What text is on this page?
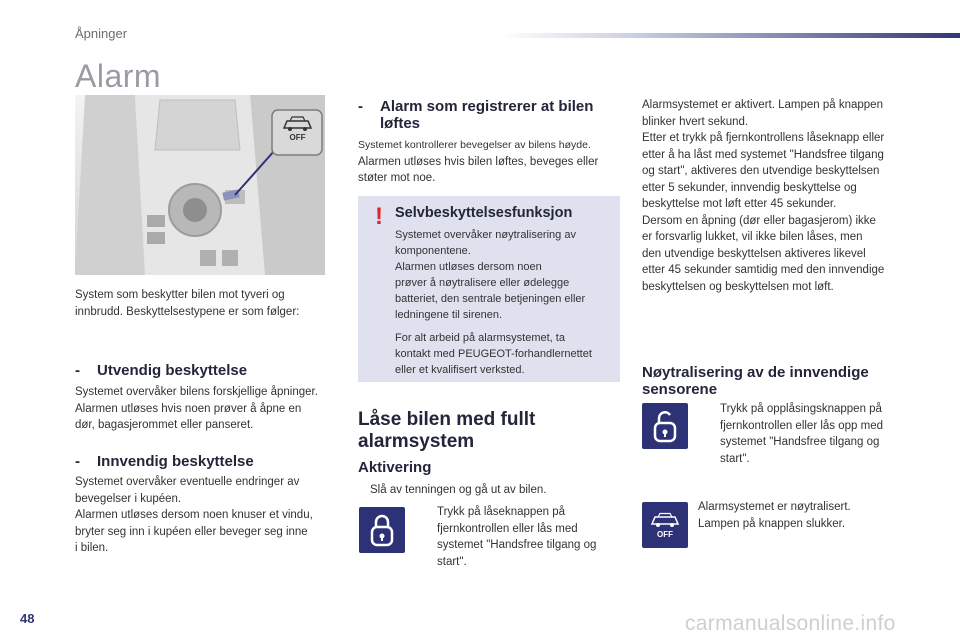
Åpninger
Alarm
OFF
System som beskytter bilen mot tyveri og
innbrudd. Beskyttelsestypene er som følger:
- Utvendig beskyttelse
Systemet overvåker bilens forskjellige åpninger.
Alarmen utløses hvis noen prøver å åpne en
dør, bagasjerommet eller panseret.
- Innvendig beskyttelse
Systemet overvåker eventuelle endringer av
bevegelser i kupéen.
Alarmen utløses dersom noen knuser et vindu,
bryter seg inn i kupéen eller beveger seg inne
i bilen.
- Alarm som registrerer at bilen
løftes
Systemet kontrollerer bevegelser av bilens høyde.
Alarmen utløses hvis bilen løftes, beveges eller
støter mot noe.
! Selvbeskyttelsesfunksjon
Systemet overvåker nøytralisering av
komponentene.
Alarmen utløses dersom noen
prøver å nøytralisere eller ødelegge
batteriet, den sentrale betjeningen eller
ledningene til sirenen.
For alt arbeid på alarmsystemet, ta
kontakt med PEUGEOT-forhandlernettet
eller et kvalifisert verksted.
Låse bilen med fullt
alarmsystem
Aktivering
Slå av tenningen og gå ut av bilen.
Trykk på låseknappen på
fjernkontrollen eller lås med
systemet "Handsfree tilgang og
start".
Alarmsystemet er aktivert. Lampen på knappen
blinker hvert sekund.
Etter et trykk på fjernkontrollens låseknapp eller
etter å ha låst med systemet "Handsfree tilgang
og start", aktiveres den utvendige beskyttelsen
etter 5 sekunder, innvendig beskyttelse og
beskyttelse mot løft etter 45 sekunder.
Dersom en åpning (dør eller bagasjerom) ikke
er forsvarlig lukket, vil ikke bilen låses, men
den utvendige beskyttelsen aktiveres likevel
etter 45 sekunder samtidig med den innvendige
beskyttelsen og beskyttelsen mot løft.
Nøytralisering av de innvendige
sensorene
Trykk på opplåsingsknappen på
fjernkontrollen eller lås opp med
systemet "Handsfree tilgang og
start".
OFF
Alarmsystemet er nøytralisert.
Lampen på knappen slukker.
48	carmanualsonline.info
